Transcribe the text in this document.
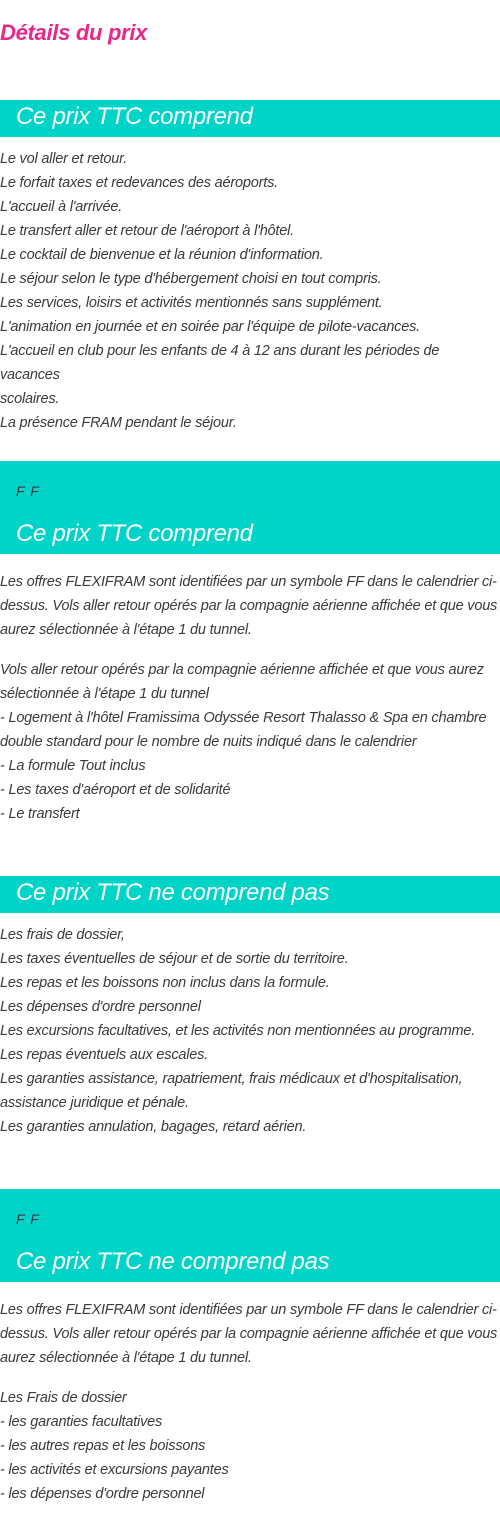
Détails du prix
Ce prix TTC comprend
Le vol aller et retour.
Le forfait taxes et redevances des aéroports.
L'accueil à l'arrivée.
Le transfert aller et retour de l'aéroport à l'hôtel.
Le cocktail de bienvenue et la réunion d'information.
Le séjour selon le type d'hébergement choisi en tout compris.
Les services, loisirs et activités mentionnés sans supplément.
L'animation en journée et en soirée par l'équipe de pilote-vacances.
L'accueil en club pour les enfants de 4 à 12 ans durant les périodes de vacances
scolaires.
La présence FRAM pendant le séjour.
F F
Ce prix TTC comprend
Les offres FLEXIFRAM sont identifiées par un symbole FF dans le calendrier ci-
dessus. Vols aller retour opérés par la compagnie aérienne affichée et que vous
aurez sélectionnée à l'étape 1 du tunnel.
Vols aller retour opérés par la compagnie aérienne affichée et que vous aurez
sélectionnée à l'étape 1 du tunnel
- Logement à l'hôtel Framissima Odyssée Resort Thalasso & Spa en chambre
double standard pour le nombre de nuits indiqué dans le calendrier
- La formule Tout inclus
- Les taxes d'aéroport et de solidarité
- Le transfert
Ce prix TTC ne comprend pas
Les frais de dossier,
Les taxes éventuelles de séjour et de sortie du territoire.
Les repas et les boissons non inclus dans la formule.
Les dépenses d'ordre personnel
Les excursions facultatives, et les activités non mentionnées au programme.
Les repas éventuels aux escales.
Les garanties assistance, rapatriement, frais médicaux et d'hospitalisation,
assistance juridique et pénale.
Les garanties annulation, bagages, retard aérien.
F F
Ce prix TTC ne comprend pas
Les offres FLEXIFRAM sont identifiées par un symbole FF dans le calendrier ci-
dessus. Vols aller retour opérés par la compagnie aérienne affichée et que vous
aurez sélectionnée à l'étape 1 du tunnel.
Les Frais de dossier
- les garanties facultatives
- les autres repas et les boissons
- les activités et excursions payantes
- les dépenses d'ordre personnel
